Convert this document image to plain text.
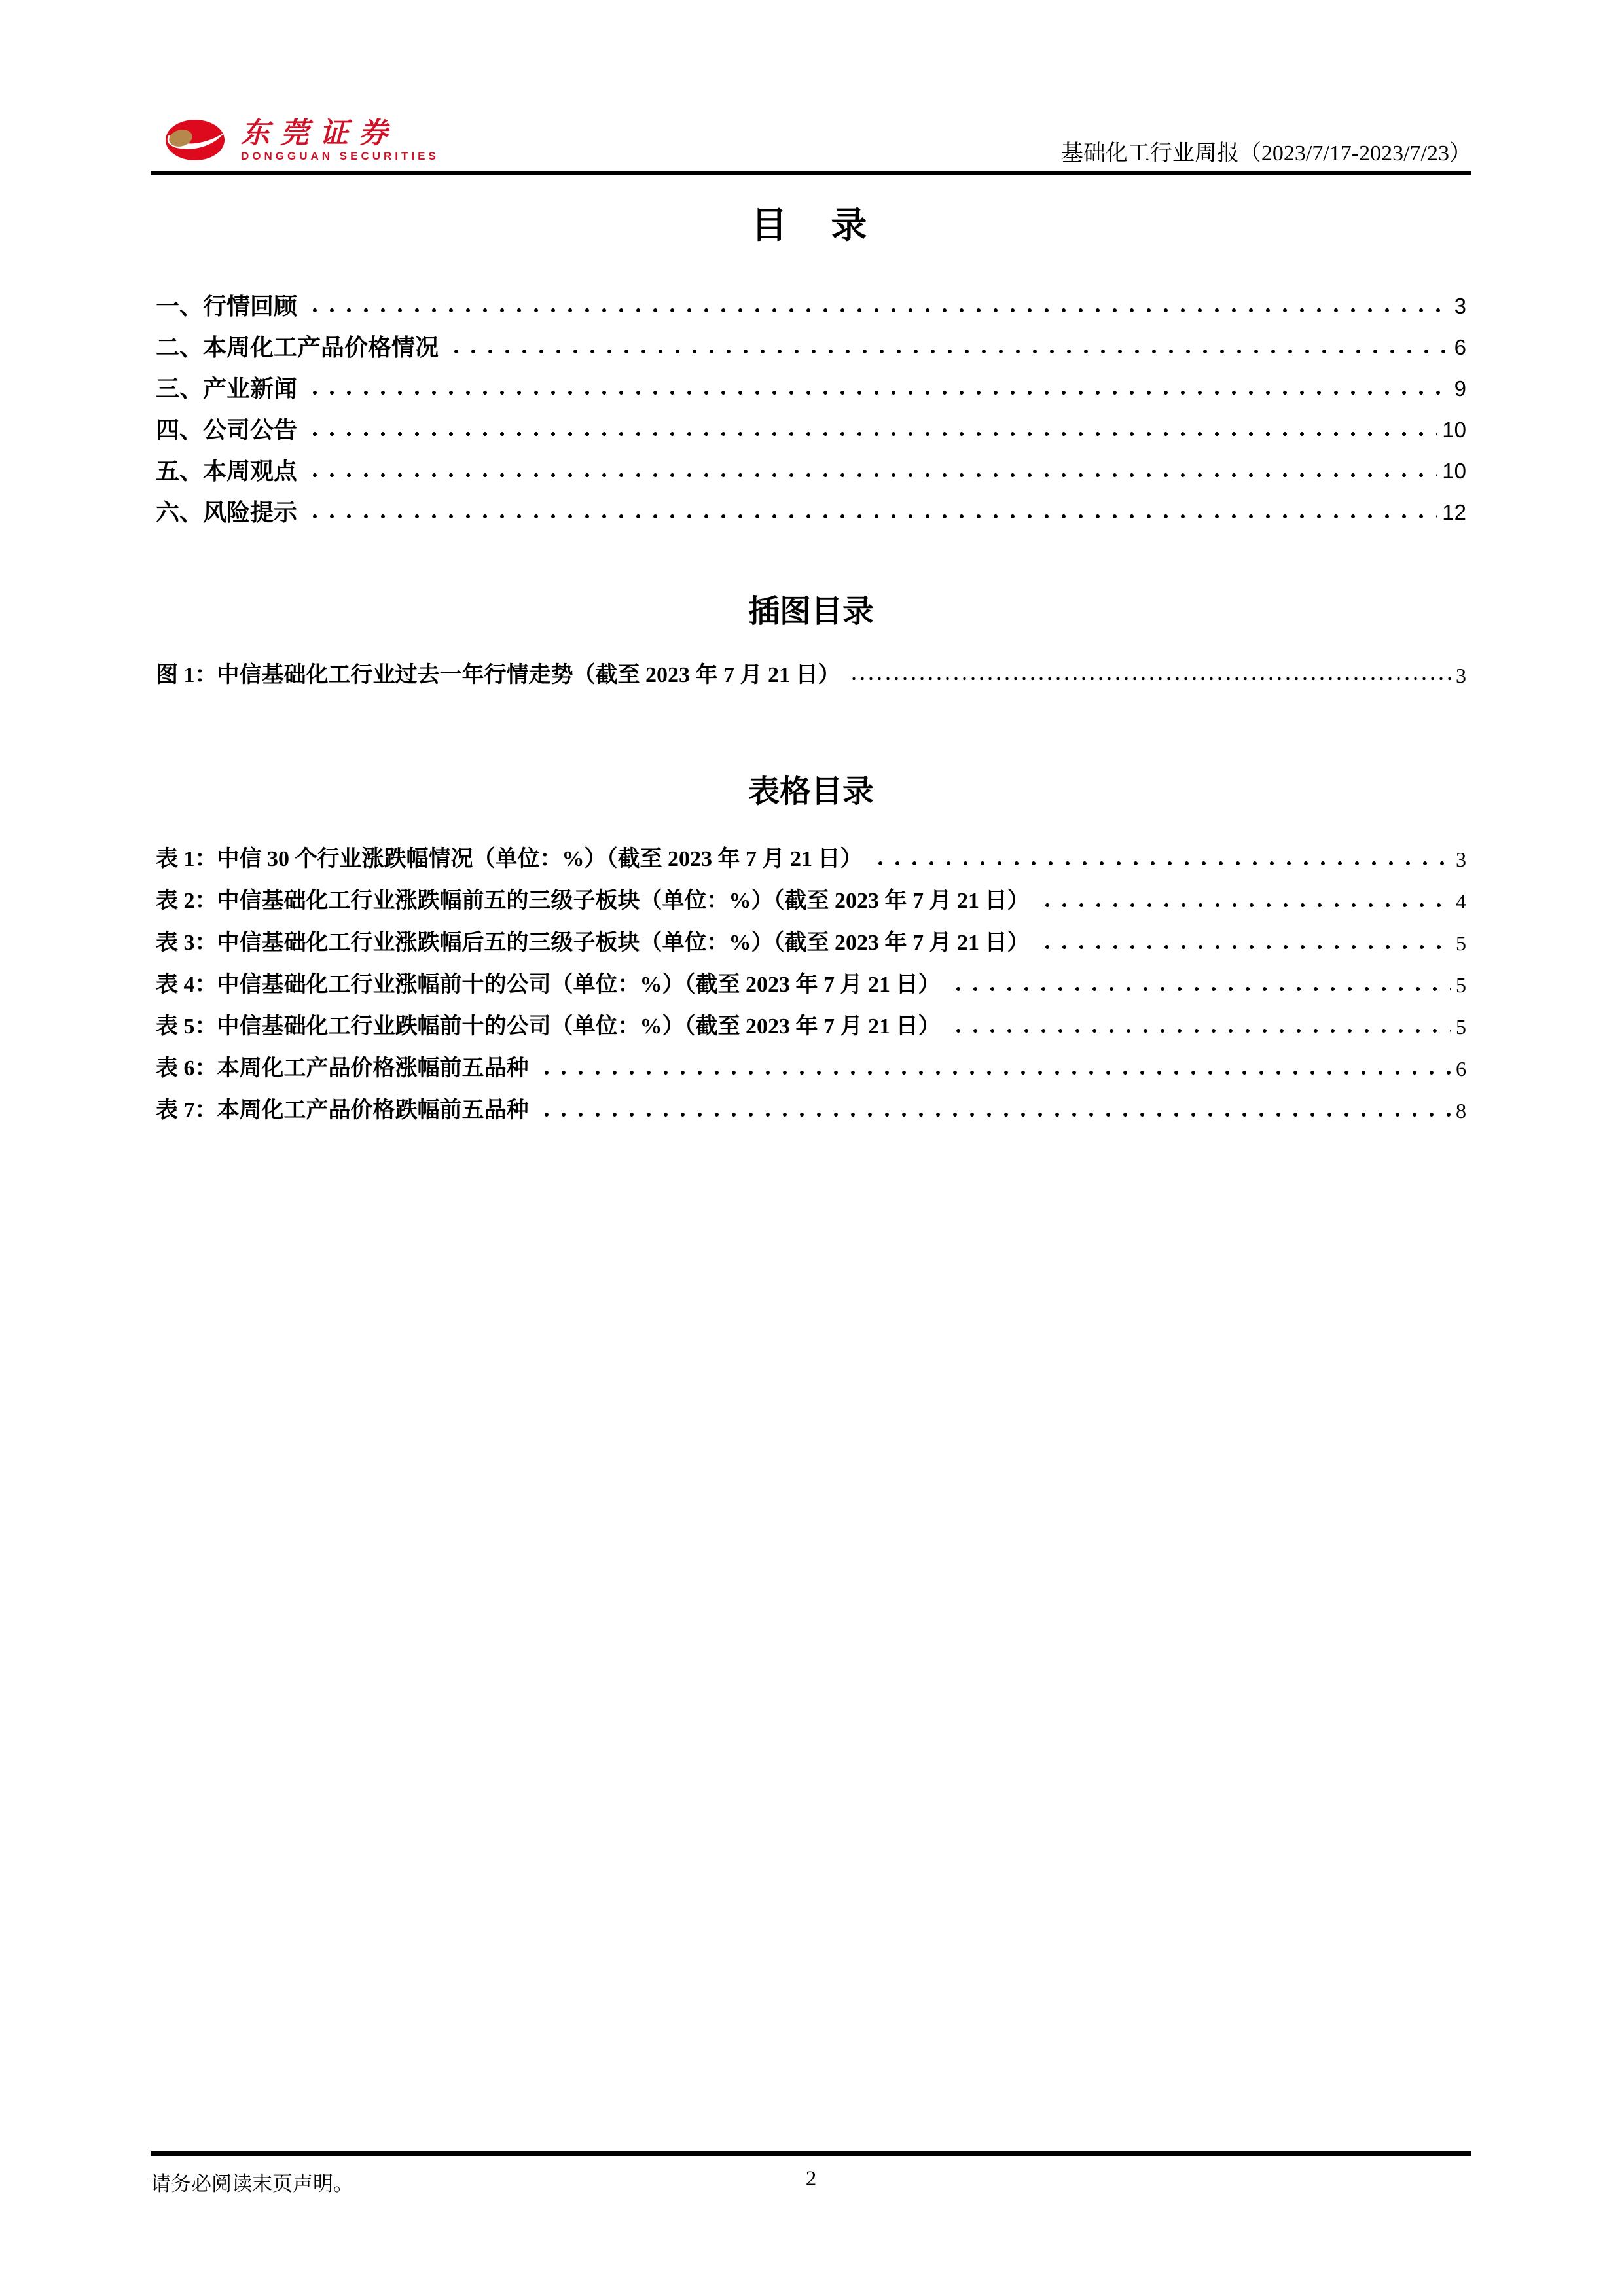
东莞证券
DONGGUAN SECURITIES	基础化工行业周报（2023/7/17-2023/7/23）
目　录
一、行情回顾	3
二、本周化工产品价格情况	6
三、产业新闻	9
四、公司公告	10
五、本周观点	10
六、风险提示	12
插图目录
图 1：中信基础化工行业过去一年行情走势（截至 2023 年 7 月 21 日）	3
表格目录
表 1：中信 30 个行业涨跌幅情况（单位：%）（截至 2023 年 7 月 21 日）	3
表 2：中信基础化工行业涨跌幅前五的三级子板块（单位：%）（截至 2023 年 7 月 21 日）	4
表 3：中信基础化工行业涨跌幅后五的三级子板块（单位：%）（截至 2023 年 7 月 21 日）	5
表 4：中信基础化工行业涨幅前十的公司（单位：%）（截至 2023 年 7 月 21 日）	5
表 5：中信基础化工行业跌幅前十的公司（单位：%）（截至 2023 年 7 月 21 日）	5
表 6：本周化工产品价格涨幅前五品种	6
表 7：本周化工产品价格跌幅前五品种	8
请务必阅读末页声明。	2
